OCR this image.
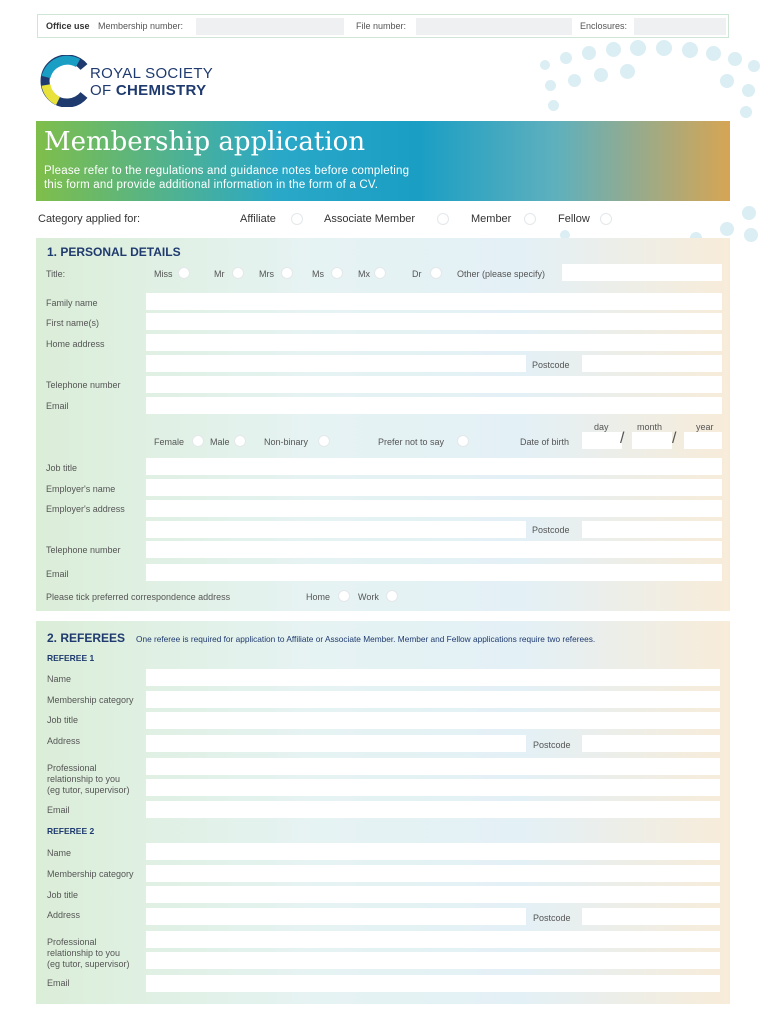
Office use Membership number:	File number:	Enclosures:
ROYAL SOCIETY
OF CHEMISTRY
Membership application
Please refer to the regulations and guidance notes before completing
this form and provide additional information in the form of a CV.
Category applied for:	Affiliate	Associate Member	Member	Fellow
1. PERSONAL DETAILS
Title:	Miss	Mr	Mrs	Ms	Mx	Dr	Other (please specify)
Family name
First name(s)
Home address
Postcode
Telephone number
Email
Female	Male	Non-binary	Prefer not to say	Date of birth
day	month	year
/	/
Job title
Employer's name
Employer's address
Postcode
Telephone number
Email
Please tick preferred correspondence address	Home	Work
2. REFEREES One referee is required for application to Affiliate or Associate Member. Member and Fellow applications require two referees.
REFEREE 1
Name
Membership category
Job title
Address	Postcode
Professional
relationship to you
(eg tutor, supervisor)
Email
REFEREE 2
Name
Membership category
Job title
Address	Postcode
Professional
relationship to you
(eg tutor, supervisor)
Email
